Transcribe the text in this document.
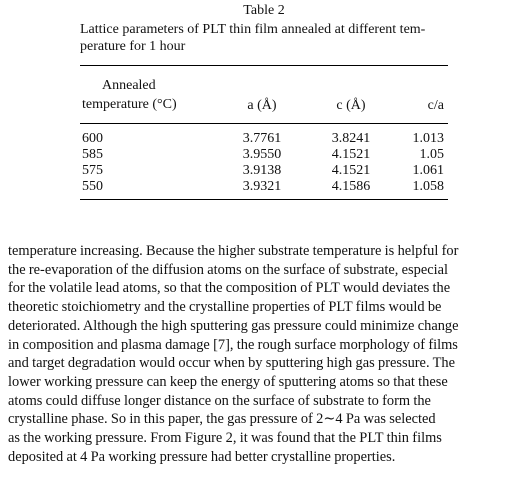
Table 2
Lattice parameters of PLT thin film annealed at different tem-
perature for 1 hour
Annealed
temperature (°C)	a (Å)	c (Å)	c/a
600	3.7761	3.8241	1.013
585	3.9550	4.1521	1.05
575	3.9138	4.1521	1.061
550	3.9321	4.1586	1.058
temperature increasing. Because the higher substrate temperature is helpful for
the re-evaporation of the diffusion atoms on the surface of substrate, especial
for the volatile lead atoms, so that the composition of PLT would deviates the
theoretic stoichiometry and the crystalline properties of PLT films would be
deteriorated. Although the high sputtering gas pressure could minimize change
in composition and plasma damage [7], the rough surface morphology of films
and target degradation would occur when by sputtering high gas pressure. The
lower working pressure can keep the energy of sputtering atoms so that these
atoms could diffuse longer distance on the surface of substrate to form the
crystalline phase. So in this paper, the gas pressure of 2∼4 Pa was selected
as the working pressure. From Figure 2, it was found that the PLT thin films
deposited at 4 Pa working pressure had better crystalline properties.
